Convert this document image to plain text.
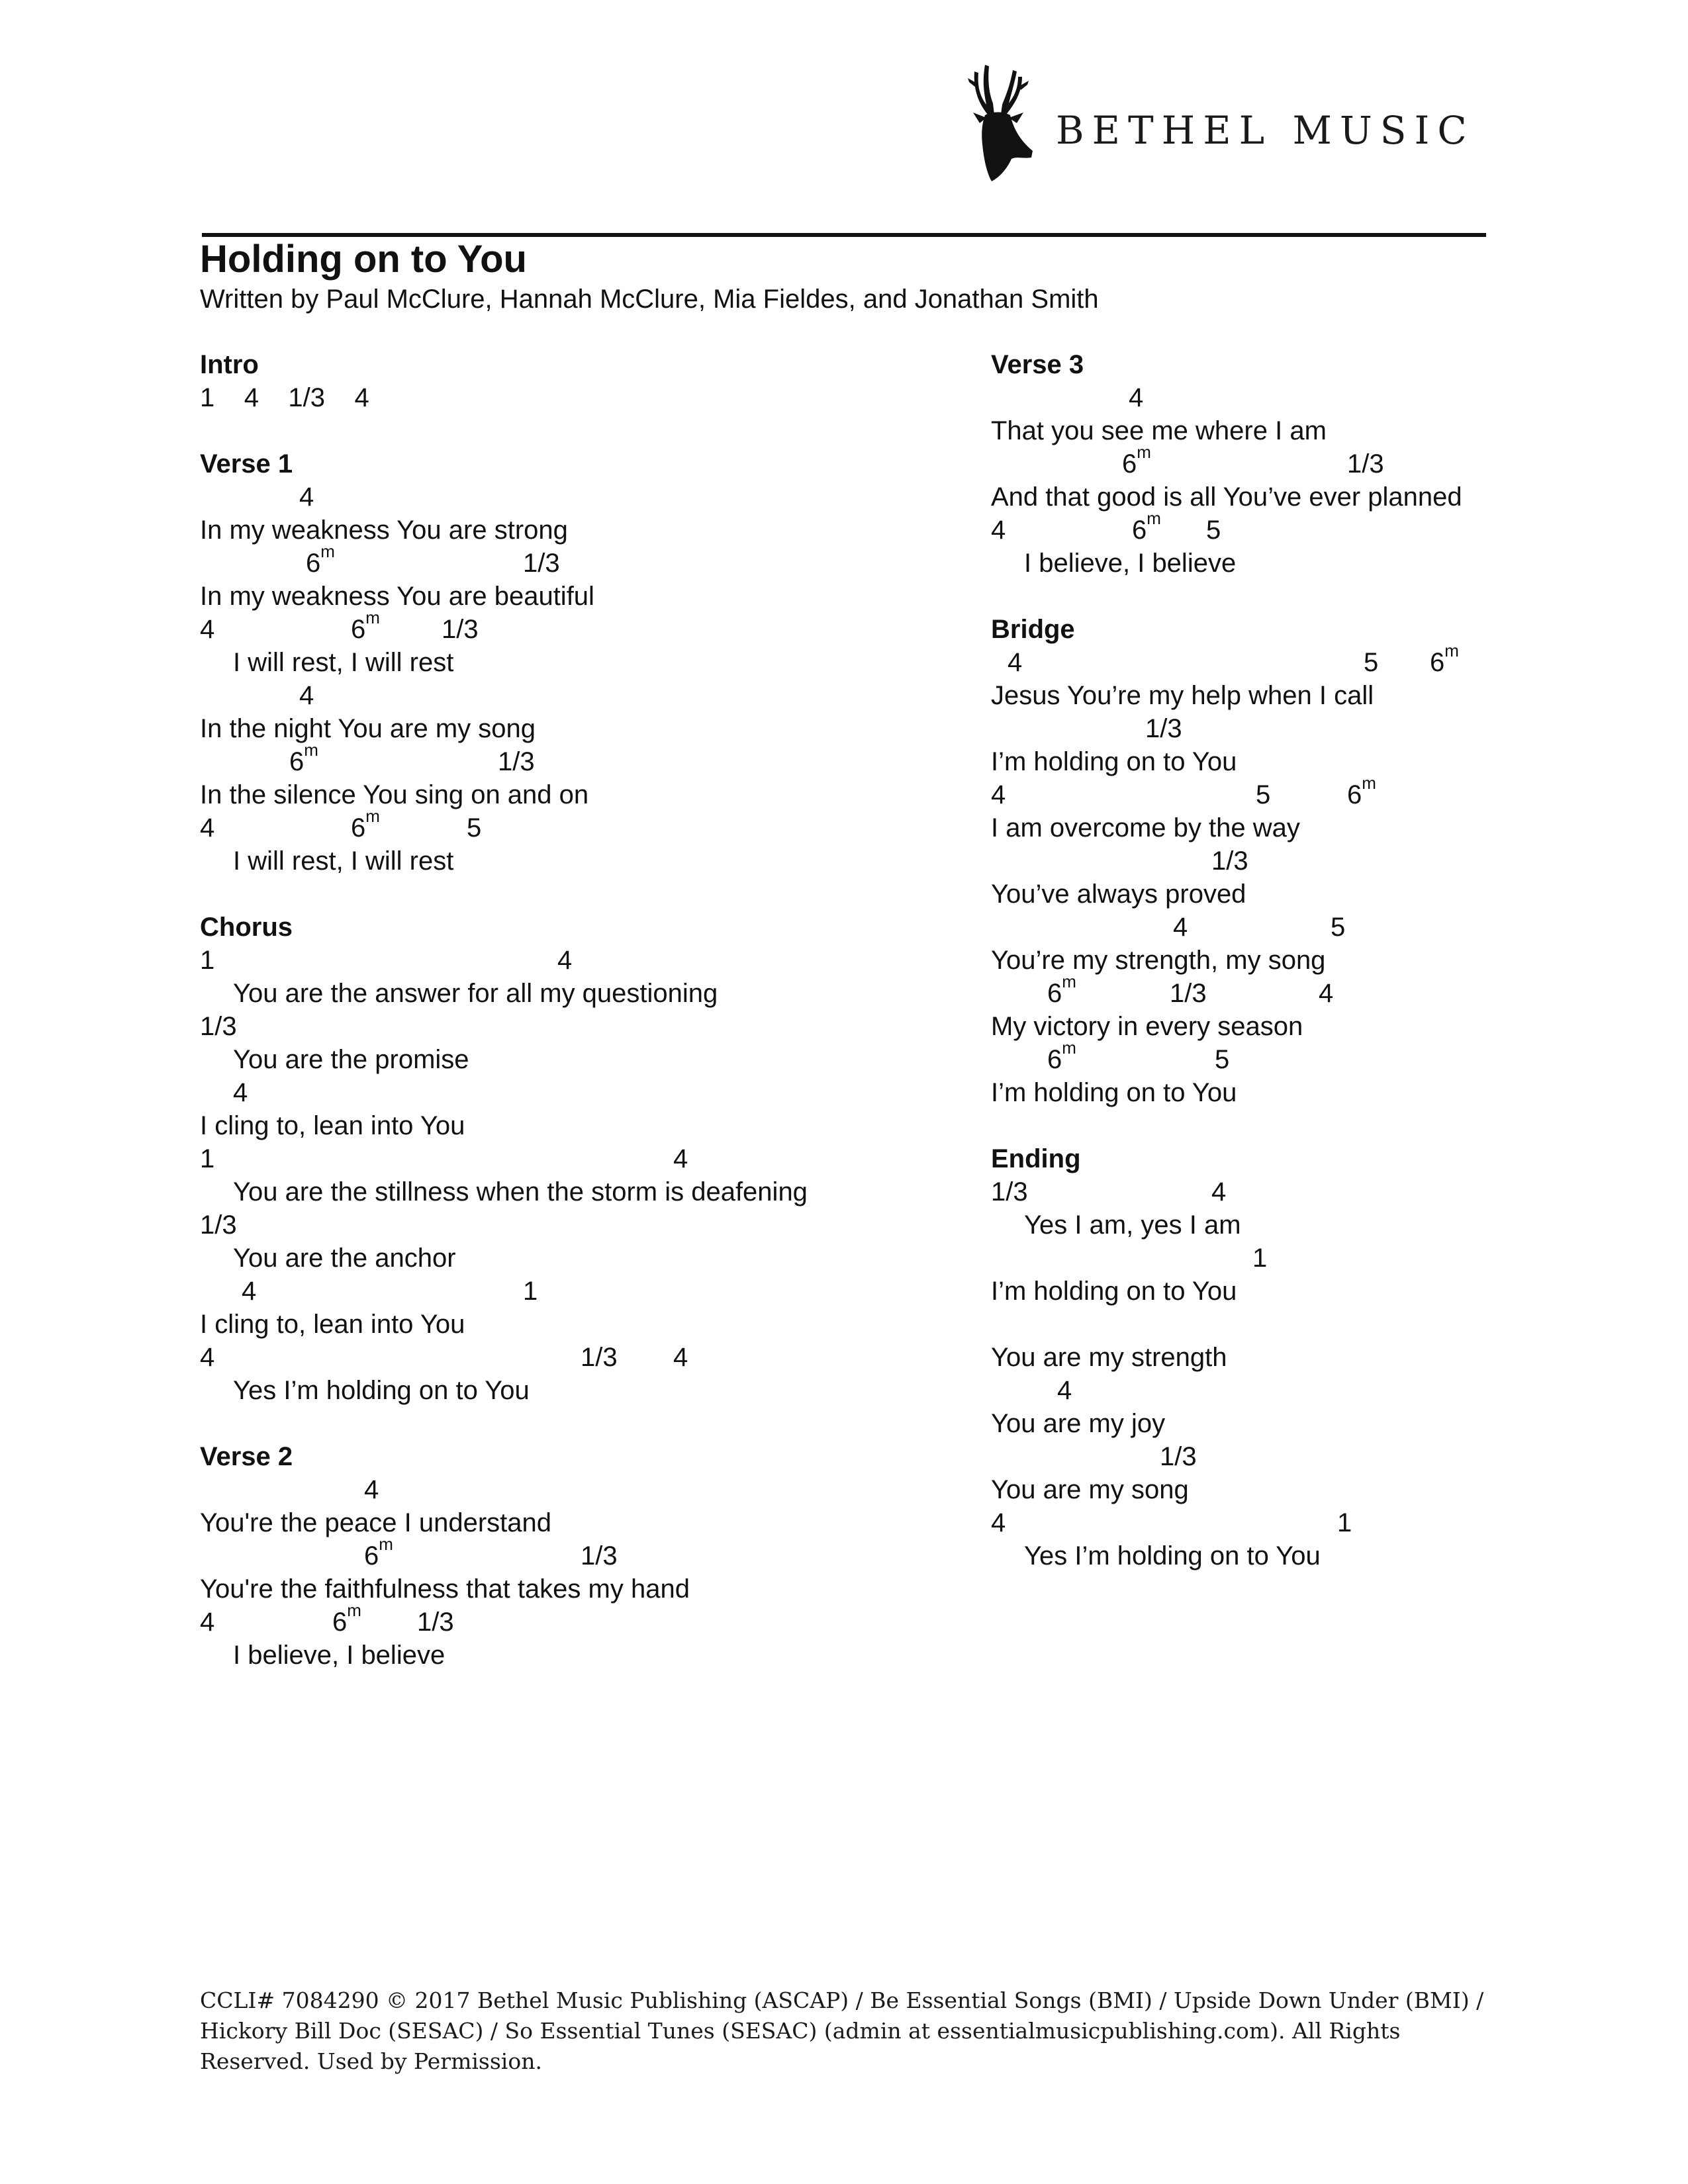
BETHEL MUSIC
Holding on to You
Written by Paul McClure, Hannah McClure, Mia Fieldes, and Jonathan Smith
Intro
1    4    1/3    4
Verse 1
4
In my weakness You are strong
6$^m$	1/3
In my weakness You are beautiful
4	6$^m$ 1/3
I will rest, I will rest
4
In the night You are my song
6$^m$	1/3
In the silence You sing on and on
4	6$^m$	5
I will rest, I will rest
Chorus
1	4
You are the answer for all my questioning
1/3
You are the promise
4
I cling to, lean into You
1	4
You are the stillness when the storm is deafening
1/3
You are the anchor
4	1
I cling to, lean into You
4	1/3 4
Yes I’m holding on to You
Verse 2
4
You're the peace I understand
6$^m$	1/3
You're the faithfulness that takes my hand
4	6$^m$ 1/3
I believe, I believe
Verse 3
4
That you see me where I am
6$^m$	1/3
And that good is all You’ve ever planned
4	6$^m$ 5
I believe, I believe
Bridge
4	5 6$^m$
Jesus You’re my help when I call
1/3
I’m holding on to You
4	5	6$^m$
I am overcome by the way
1/3
You’ve always proved
4	5
You’re my strength, my song
6$^m$	1/3	4
My victory in every season
6$^m$	5
I’m holding on to You
Ending
1/3	4
Yes I am, yes I am
1
I’m holding on to You
You are my strength
4
You are my joy
1/3
You are my song
4	1
Yes I’m holding on to You
CCLI# 7084290 © 2017 Bethel Music Publishing (ASCAP) / Be Essential Songs (BMI) / Upside Down Under (BMI) / Hickory Bill Doc (SESAC) / So Essential Tunes (SESAC) (admin at essentialmusicpublishing.com). All Rights Reserved. Used by Permission.
